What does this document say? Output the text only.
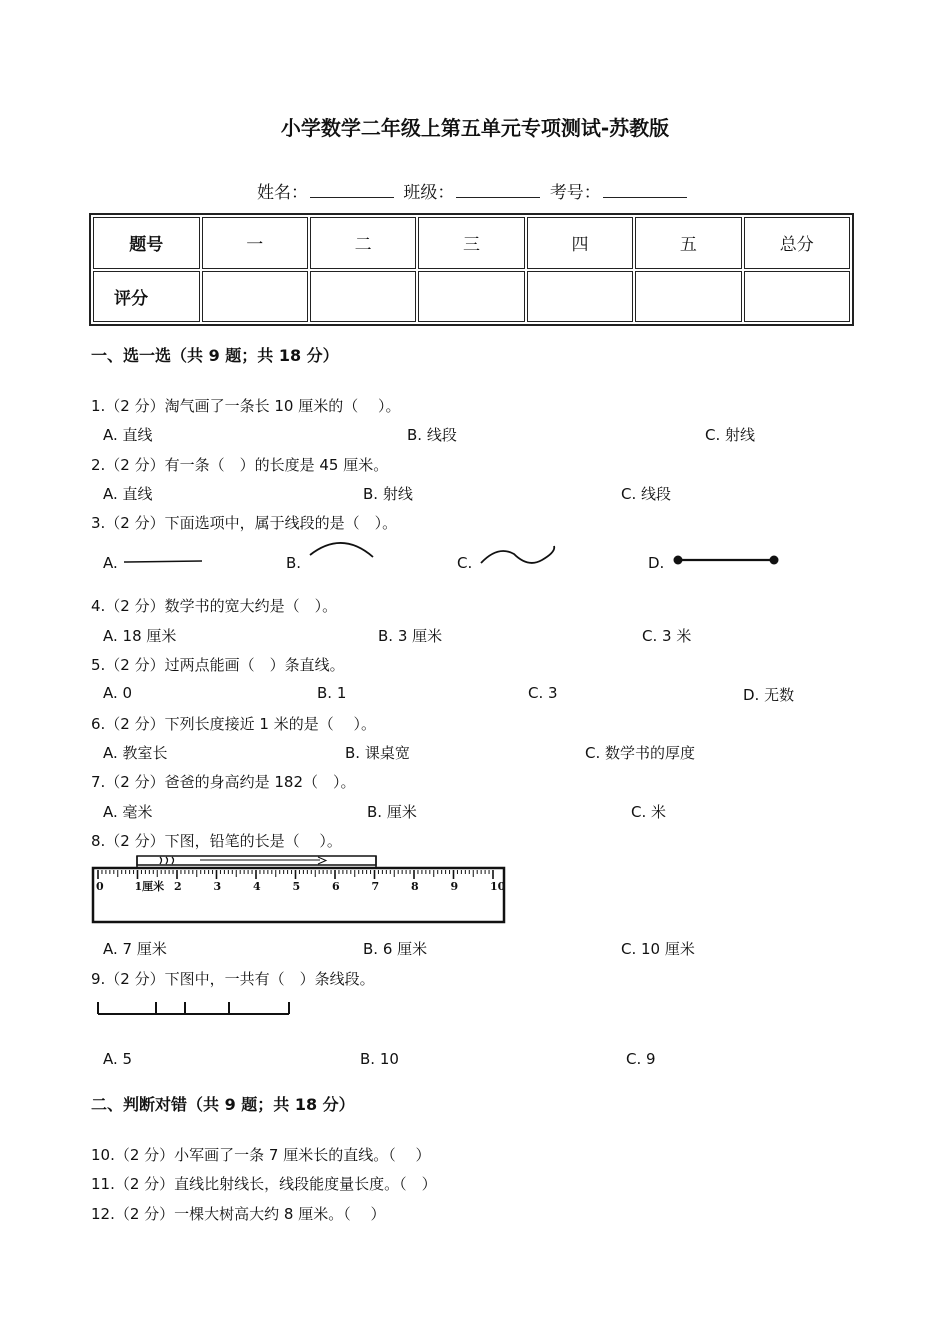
小学数学二年级上第五单元专项测试-苏教版
姓名：	班级：	考号：
题号	一	二	三	四	五	总分
评分						
一、选一选（共 9 题；共 18 分）
1.（2 分）淘气画了一条长 10 厘米的（　 ）。
A. 直线	B. 线段	C. 射线
2.（2 分）有一条（　）的长度是 45 厘米。
A. 直线	B. 射线	C. 线段
3.（2 分）下面选项中，属于线段的是（　）。
A.	B.	C.	D.
4.（2 分）数学书的宽大约是（　）。
A. 18 厘米	B. 3 厘米	C. 3 米
5.（2 分）过两点能画（　）条直线。
A. 0	B. 1	C. 3	D. 无数
6.（2 分）下列长度接近 1 米的是（　 ）。
A. 教室长	B. 课桌宽	C. 数学书的厚度
7.（2 分）爸爸的身高约是 182（　）。
A. 毫米	B. 厘米	C. 米
8.（2 分）下图，铅笔的长是（　 ）。
0	1厘米 2	3	4	5	6	7	8	9	10
A. 7 厘米	B. 6 厘米	C. 10 厘米
9.（2 分）下图中，一共有（　）条线段。
A. 5	B. 10	C. 9
二、判断对错（共 9 题；共 18 分）
10.（2 分）小军画了一条 7 厘米长的直线。（　 ）
11.（2 分）直线比射线长，线段能度量长度。（　）
12.（2 分）一棵大树高大约 8 厘米。（　 ）
